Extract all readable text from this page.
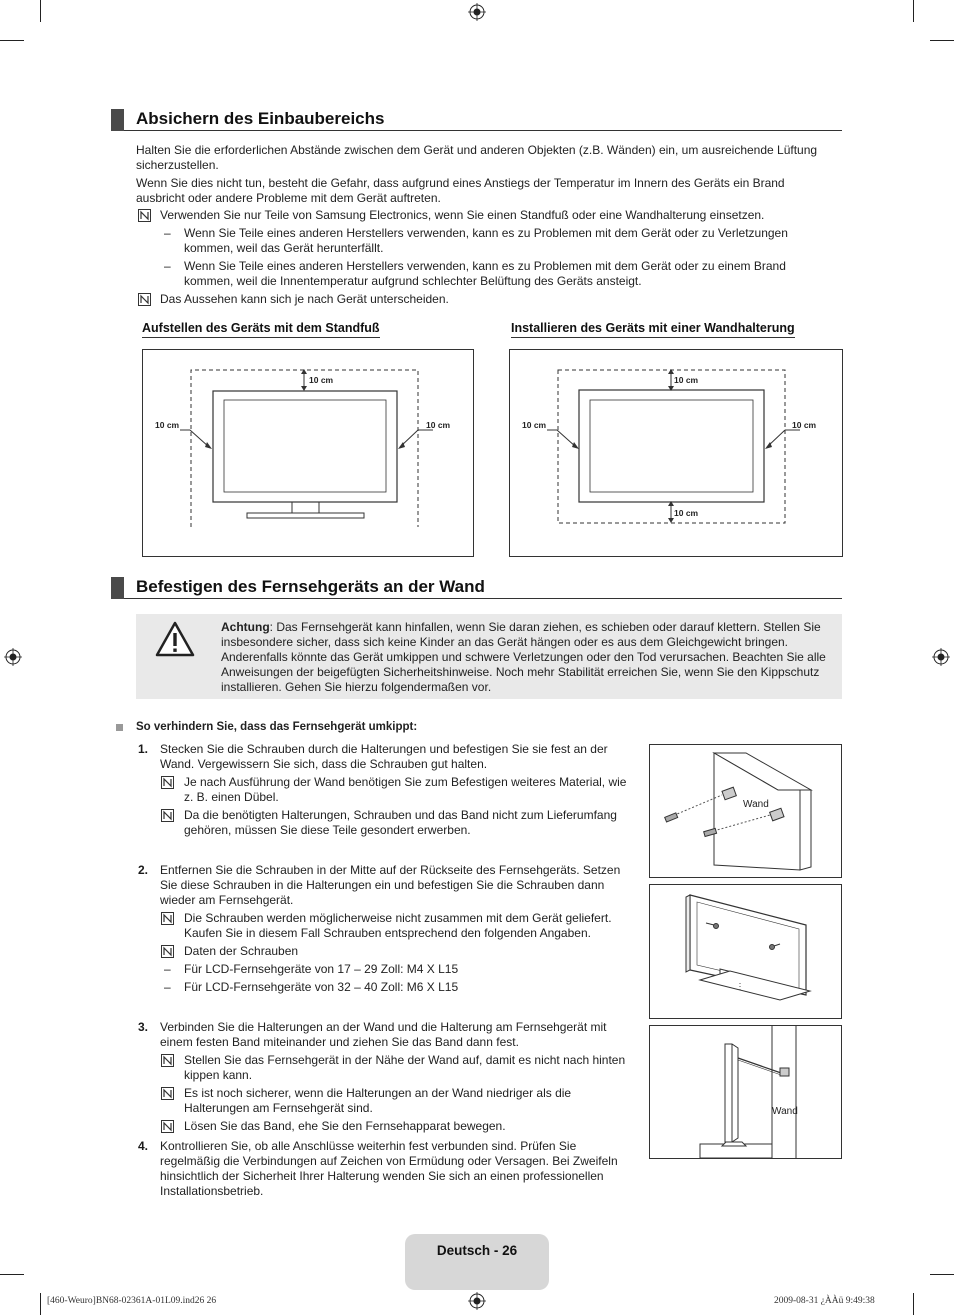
Absichern des Einbaubereichs
Halten Sie die erforderlichen Abstände zwischen dem Gerät und anderen Objekten (z.B. Wänden) ein, um ausreichende Lüftung sicherzustellen.
Wenn Sie dies nicht tun, besteht die Gefahr, dass aufgrund eines Anstiegs der Temperatur im Innern des Geräts ein Brand ausbricht oder andere Probleme mit dem Gerät auftreten.
Verwenden Sie nur Teile von Samsung Electronics, wenn Sie einen Standfuß oder eine Wandhalterung einsetzen.
– Wenn Sie Teile eines anderen Herstellers verwenden, kann es zu Problemen mit dem Gerät oder zu Verletzungen kommen, weil das Gerät herunterfällt.
– Wenn Sie Teile eines anderen Herstellers verwenden, kann es zu Problemen mit dem Gerät oder zu einem Brand kommen, weil die Innentemperatur aufgrund schlechter Belüftung des Geräts ansteigt.
Das Aussehen kann sich je nach Gerät unterscheiden.
Aufstellen des Geräts mit dem Standfuß	Installieren des Geräts mit einer Wandhalterung
10 cm
10 cm	10 cm
10 cm
10 cm	10 cm
10 cm
Befestigen des Fernsehgeräts an der Wand
Achtung: Das Fernsehgerät kann hinfallen, wenn Sie daran ziehen, es schieben oder darauf klettern. Stellen Sie insbesondere sicher, dass sich keine Kinder an das Gerät hängen oder es aus dem Gleichgewicht bringen. Anderenfalls könnte das Gerät umkippen und schwere Verletzungen oder den Tod verursachen. Beachten Sie alle Anweisungen der beigefügten Sicherheitshinweise. Noch mehr Stabilität erreichen Sie, wenn Sie den Kippschutz installieren. Gehen Sie hierzu folgendermaßen vor.
So verhindern Sie, dass das Fernsehgerät umkippt:
1. Stecken Sie die Schrauben durch die Halterungen und befestigen Sie sie fest an der Wand. Vergewissern Sie sich, dass die Schrauben gut halten.
Je nach Ausführung der Wand benötigen Sie zum Befestigen weiteres Material, wie z. B. einen Dübel.
Da die benötigten Halterungen, Schrauben und das Band nicht zum Lieferumfang gehören, müssen Sie diese Teile gesondert erwerben.
2. Entfernen Sie die Schrauben in der Mitte auf der Rückseite des Fernsehgeräts. Setzen Sie diese Schrauben in die Halterungen ein und befestigen Sie die Schrauben dann wieder am Fernsehgerät.
Die Schrauben werden möglicherweise nicht zusammen mit dem Gerät geliefert. Kaufen Sie in diesem Fall Schrauben entsprechend den folgenden Angaben.
Daten der Schrauben
– Für LCD-Fernsehgeräte von 17 – 29 Zoll: M4 X L15
– Für LCD-Fernsehgeräte von 32 – 40 Zoll: M6 X L15
3. Verbinden Sie die Halterungen an der Wand und die Halterung am Fernsehgerät mit einem festen Band miteinander und ziehen Sie das Band dann fest.
Stellen Sie das Fernsehgerät in der Nähe der Wand auf, damit es nicht nach hinten kippen kann.
Es ist noch sicherer, wenn die Halterungen an der Wand niedriger als die Halterungen am Fernsehgerät sind.
Lösen Sie das Band, ehe Sie den Fernsehapparat bewegen.
4. Kontrollieren Sie, ob alle Anschlüsse weiterhin fest verbunden sind. Prüfen Sie regelmäßig die Verbindungen auf Zeichen von Ermüdung oder Versagen. Bei Zweifeln hinsichtlich der Sicherheit Ihrer Halterung wenden Sie sich an einen professionellen Installationsbetrieb.
Wand
Wand
Deutsch - 26
[460-Weuro]BN68-02361A-01L09.ind26 26	2009-08-31 ¿ÀÀü 9:49:38
